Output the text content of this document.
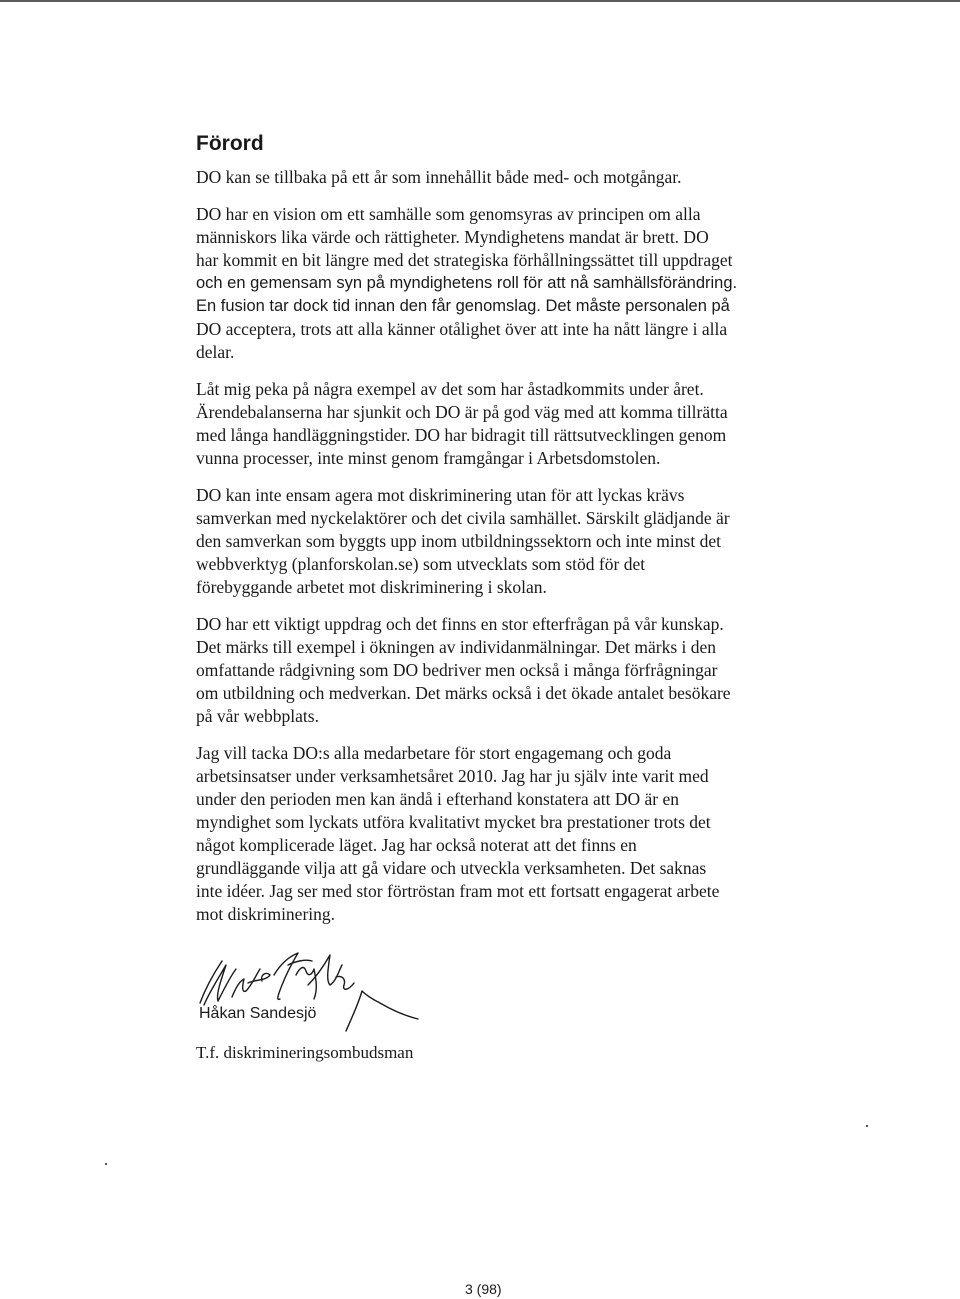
Förord
DO kan se tillbaka på ett år som innehållit både med- och motgångar.
DO har en vision om ett samhälle som genomsyras av principen om alla
människors lika värde och rättigheter. Myndighetens mandat är brett. DO
har kommit en bit längre med det strategiska förhållningssättet till uppdraget
och en gemensam syn på myndighetens roll för att nå samhällsförändring.
En fusion tar dock tid innan den får genomslag. Det måste personalen på
DO acceptera, trots att alla känner otålighet över att inte ha nått längre i alla
delar.
Låt mig peka på några exempel av det som har åstadkommits under året.
Ärendebalanserna har sjunkit och DO är på god väg med att komma tillrätta
med långa handläggningstider. DO har bidragit till rättsutvecklingen genom
vunna processer, inte minst genom framgångar i Arbetsdomstolen.
DO kan inte ensam agera mot diskriminering utan för att lyckas krävs
samverkan med nyckelaktörer och det civila samhället. Särskilt glädjande är
den samverkan som byggts upp inom utbildningssektorn och inte minst det
webbverktyg (planforskolan.se) som utvecklats som stöd för det
förebyggande arbetet mot diskriminering i skolan.
DO har ett viktigt uppdrag och det finns en stor efterfrågan på vår kunskap.
Det märks till exempel i ökningen av individanmälningar. Det märks i den
omfattande rådgivning som DO bedriver men också i många förfrågningar
om utbildning och medverkan. Det märks också i det ökade antalet besökare
på vår webbplats.
Jag vill tacka DO:s alla medarbetare för stort engagemang och goda
arbetsinsatser under verksamhetsåret 2010. Jag har ju själv inte varit med
under den perioden men kan ändå i efterhand konstatera att DO är en
myndighet som lyckats utföra kvalitativt mycket bra prestationer trots det
något komplicerade läget. Jag har också noterat att det finns en
grundläggande vilja att gå vidare och utveckla verksamheten. Det saknas
inte idéer. Jag ser med stor förtröstan fram mot ett fortsatt engagerat arbete
mot diskriminering.
Håkan Sandesjö
T.f. diskrimineringsombudsman
3 (98)
